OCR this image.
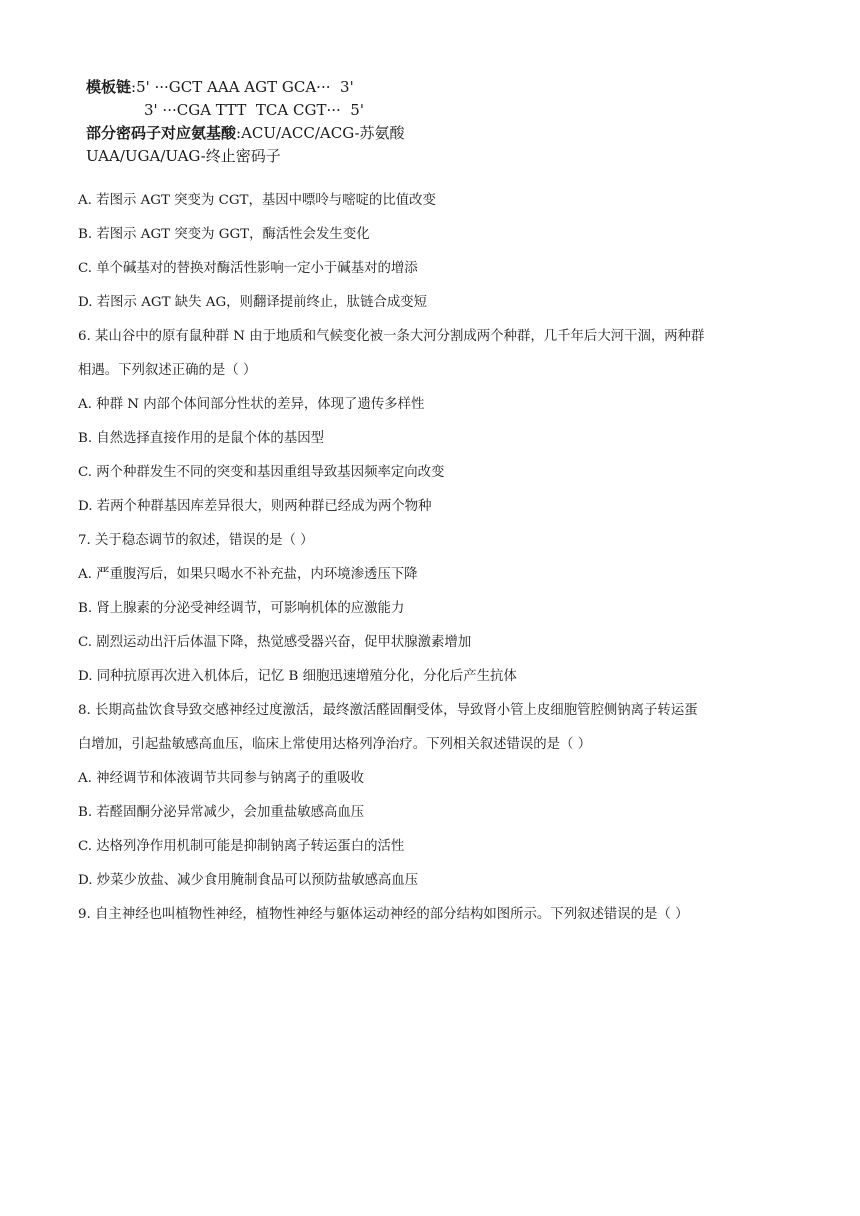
模板链:5' ···GCT AAA AGT GCA···  3'
3' ···CGA TTT  TCA CGT···  5'
部分密码子对应氨基酸:ACU/ACC/ACG-苏氨酸
UAA/UGA/UAG-终止密码子
A. 若图示 AGT 突变为 CGT，基因中嘌呤与嘧啶的比值改变
B. 若图示 AGT 突变为 GGT，酶活性会发生变化
C. 单个碱基对的替换对酶活性影响一定小于碱基对的增添
D. 若图示 AGT 缺失 AG，则翻译提前终止，肽链合成变短
6. 某山谷中的原有鼠种群 N 由于地质和气候变化被一条大河分割成两个种群，几千年后大河干涸，两种群
相遇。下列叙述正确的是（ ）
A. 种群 N 内部个体间部分性状的差异，体现了遗传多样性
B. 自然选择直接作用的是鼠个体的基因型
C. 两个种群发生不同的突变和基因重组导致基因频率定向改变
D. 若两个种群基因库差异很大，则两种群已经成为两个物种
7. 关于稳态调节的叙述，错误的是（ ）
A. 严重腹泻后，如果只喝水不补充盐，内环境渗透压下降
B. 肾上腺素的分泌受神经调节，可影响机体的应激能力
C. 剧烈运动出汗后体温下降，热觉感受器兴奋，促甲状腺激素增加
D. 同种抗原再次进入机体后，记忆 B 细胞迅速增殖分化，分化后产生抗体
8. 长期高盐饮食导致交感神经过度激活，最终激活醛固酮受体，导致肾小管上皮细胞管腔侧钠离子转运蛋
白增加，引起盐敏感高血压，临床上常使用达格列净治疗。下列相关叙述错误的是（ ）
A. 神经调节和体液调节共同参与钠离子的重吸收
B. 若醛固酮分泌异常减少，会加重盐敏感高血压
C. 达格列净作用机制可能是抑制钠离子转运蛋白的活性
D. 炒菜少放盐、减少食用腌制食品可以预防盐敏感高血压
9. 自主神经也叫植物性神经，植物性神经与躯体运动神经的部分结构如图所示。下列叙述错误的是（ ）
